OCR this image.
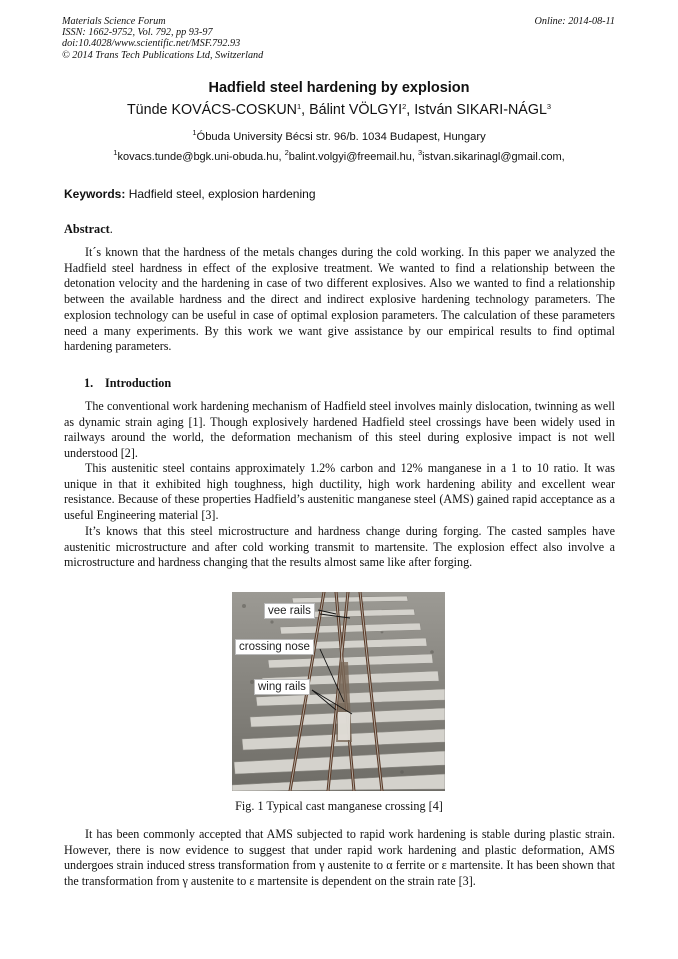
Materials Science Forum
ISSN: 1662-9752, Vol. 792, pp 93-97
doi:10.4028/www.scientific.net/MSF.792.93
© 2014 Trans Tech Publications Ltd, Switzerland
Online: 2014-08-11
Hadfield steel hardening by explosion
Tünde KOVÁCS-COSKUN$^1$, Bálint VÖLGYI$^2$, István SIKARI-NÁGL$^3$
$^1$Óbuda University Bécsi str. 96/b. 1034 Budapest, Hungary
$^1$kovacs.tunde@bgk.uni-obuda.hu, $^2$balint.volgyi@freemail.hu, $^3$istvan.sikarinagl@gmail.com,
Keywords: Hadfield steel, explosion hardening
Abstract.

It´s known that the hardness of the metals changes during the cold working. In this paper we analyzed the Hadfield steel hardness in effect of the explosive treatment. We wanted to find a relationship between the detonation velocity and the hardening in case of two different explosives. Also we wanted to find a relationship between the available hardness and the direct and indirect explosive hardening technology parameters. The explosion technology can be useful in case of optimal explosion parameters. The calculation of these parameters need a many experiments. By this work we want give assistance by our empirical results to find optimal hardening parameters.

1. Introduction

The conventional work hardening mechanism of Hadfield steel involves mainly dislocation, twinning as well as dynamic strain aging [1]. Though explosively hardened Hadfield steel crossings have been widely used in railways around the world, the deformation mechanism of this steel during explosive impact is not well understood [2].

This austenitic steel contains approximately 1.2% carbon and 12% manganese in a 1 to 10 ratio. It was unique in that it exhibited high toughness, high ductility, high work hardening ability and excellent wear resistance. Because of these properties Hadfield’s austenitic manganese steel (AMS) gained rapid acceptance as a useful Engineering material [3].

It’s knows that this steel microstructure and hardness change during forging. The casted samples have austenitic microstructure and after cold working transmit to martensite. The explosion effect also involve a microstructure and hardness changing that the results almost same like after forging.

vee rails
crossing nose
wing rails
Fig. 1 Typical cast manganese crossing [4]

It has been commonly accepted that AMS subjected to rapid work hardening is stable during plastic strain. However, there is now evidence to suggest that under rapid work hardening and plastic deformation, AMS undergoes strain induced stress transformation from γ austenite to α ferrite or ε martensite. It has been shown that the transformation from γ austenite to ε martensite is dependent on the strain rate [3].
